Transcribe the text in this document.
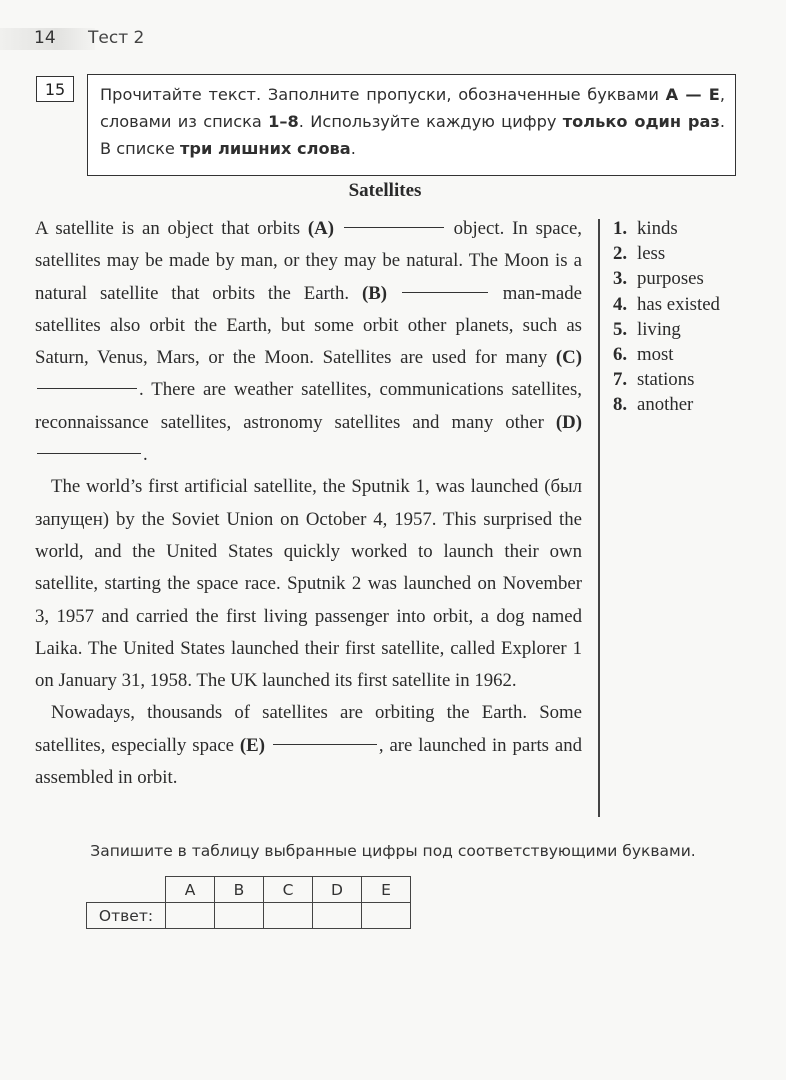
14 Тест 2
15	Прочитайте текст. Заполните пропуски, обозначенные буквами А — Е, словами из списка 1–8. Используйте каждую цифру только один раз. В списке три лишних слова.
Satellites

A satellite is an object that orbits (A)	object. In space, satellites may be made by man, or they may be natural. The Moon is a natural satellite that orbits the Earth. (B)	man-made satellites also orbit the Earth, but some orbit other planets, such as Saturn, Venus, Mars, or the Moon. Satellites are used for many (C) . There are weather satellites, communications satellites, reconnaissance satellites, astronomy satellites and many other (D) .

The world’s first artificial satellite, the Sputnik 1, was launched (был запущен) by the Soviet Union on October 4, 1957. This surprised the world, and the United States quickly worked to launch their own satellite, starting the space race. Sputnik 2 was launched on November 3, 1957 and carried the first living passenger into orbit, a dog named Laika. The United States launched their first satellite, called Explorer 1 on January 31, 1958. The UK launched its first satellite in 1962.

Nowadays, thousands of satellites are orbiting the Earth. Some satellites, especially space (E)	, are launched in parts and assembled in orbit.

1. kinds
2. less
3. purposes
4. has existed
5. living
6. most
7. stations
8. another
Запишите в таблицу выбранные цифры под соответствующими буквами.
	A	B	C	D	E
Ответ:					
